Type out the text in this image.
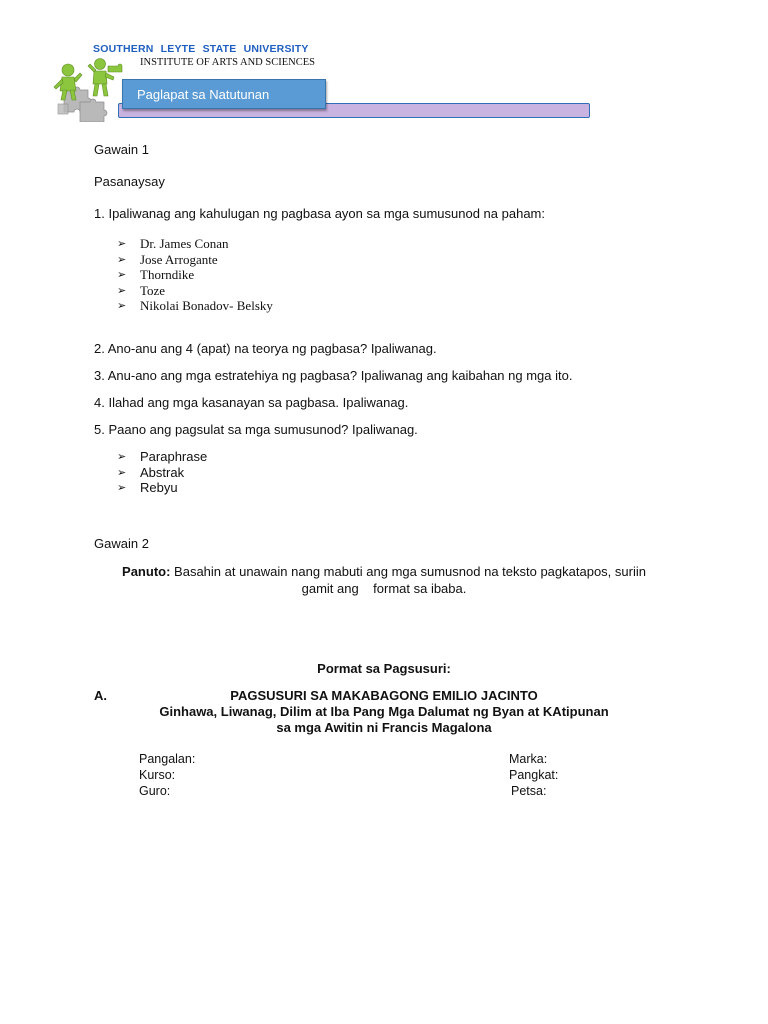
SOUTHERN LEYTE STATE UNIVERSITY
INSTITUTE OF ARTS AND SCIENCES
Paglapat sa Natutunan
Gawain 1
Pasanaysay
1. Ipaliwanag ang kahulugan ng pagbasa ayon sa mga sumusunod na paham:
➢ Dr. James Conan
➢ Jose Arrogante
➢ Thorndike
➢ Toze
➢ Nikolai Bonadov- Belsky
2. Ano-anu ang 4 (apat) na teorya ng pagbasa? Ipaliwanag.
3. Anu-ano ang mga estratehiya ng pagbasa? Ipaliwanag ang kaibahan ng mga ito.
4. Ilahad ang mga kasanayan sa pagbasa. Ipaliwanag.
5. Paano ang pagsulat sa mga sumusunod? Ipaliwanag.
➢ Paraphrase
➢ Abstrak
➢ Rebyu
Gawain 2
Panuto: Basahin at unawain nang mabuti ang mga sumusnod na teksto pagkatapos, suriin
gamit ang    format sa ibaba.
Pormat sa Pagsusuri:
A.	PAGSUSURI SA MAKABAGONG EMILIO JACINTO
Ginhawa, Liwanag, Dilim at Iba Pang Mga Dalumat ng Byan at KAtipunan
sa mga Awitin ni Francis Magalona
Pangalan:
Kurso:
Guro:
Marka:
Pangkat:
Petsa:
